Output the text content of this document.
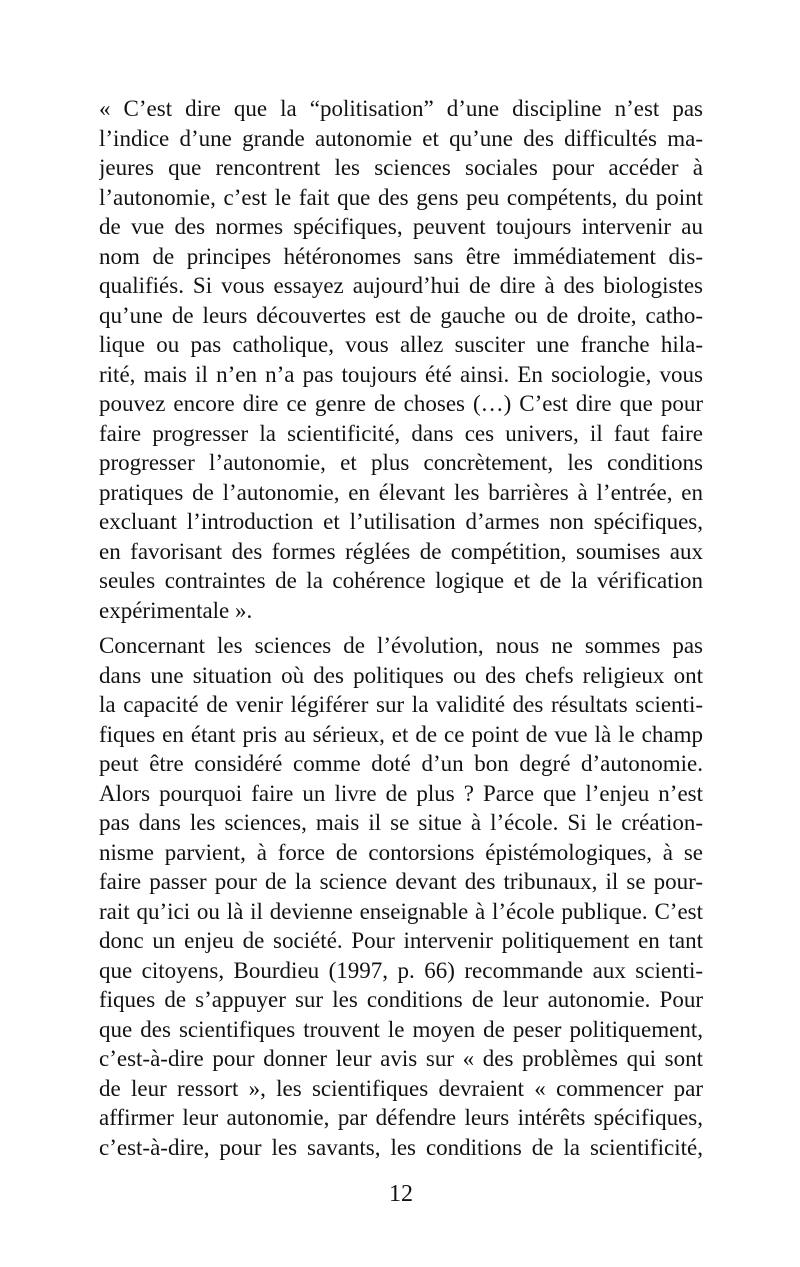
« C’est dire que la “politisation” d’une discipline n’est pas
l’indice d’une grande autonomie et qu’une des difficultés ma-
jeures que rencontrent les sciences sociales pour accéder à
l’autonomie, c’est le fait que des gens peu compétents, du point
de vue des normes spécifiques, peuvent toujours intervenir au
nom de principes hétéronomes sans être immédiatement dis-
qualifiés. Si vous essayez aujourd’hui de dire à des biologistes
qu’une de leurs découvertes est de gauche ou de droite, catho-
lique ou pas catholique, vous allez susciter une franche hila-
rité, mais il n’en n’a pas toujours été ainsi. En sociologie, vous
pouvez encore dire ce genre de choses (…) C’est dire que pour
faire progresser la scientificité, dans ces univers, il faut faire
progresser l’autonomie, et plus concrètement, les conditions
pratiques de l’autonomie, en élevant les barrières à l’entrée, en
excluant l’introduction et l’utilisation d’armes non spécifiques,
en favorisant des formes réglées de compétition, soumises aux
seules contraintes de la cohérence logique et de la vérification
expérimentale ».
Concernant les sciences de l’évolution, nous ne sommes pas
dans une situation où des politiques ou des chefs religieux ont
la capacité de venir légiférer sur la validité des résultats scienti-
fiques en étant pris au sérieux, et de ce point de vue là le champ
peut être considéré comme doté d’un bon degré d’autonomie.
Alors pourquoi faire un livre de plus ? Parce que l’enjeu n’est
pas dans les sciences, mais il se situe à l’école. Si le création-
nisme parvient, à force de contorsions épistémologiques, à se
faire passer pour de la science devant des tribunaux, il se pour-
rait qu’ici ou là il devienne enseignable à l’école publique. C’est
donc un enjeu de société. Pour intervenir politiquement en tant
que citoyens, Bourdieu (1997, p. 66) recommande aux scienti-
fiques de s’appuyer sur les conditions de leur autonomie. Pour
que des scientifiques trouvent le moyen de peser politiquement,
c’est-à-dire pour donner leur avis sur « des problèmes qui sont
de leur ressort », les scientifiques devraient « commencer par
affirmer leur autonomie, par défendre leurs intérêts spécifiques,
c’est-à-dire, pour les savants, les conditions de la scientificité,
12
